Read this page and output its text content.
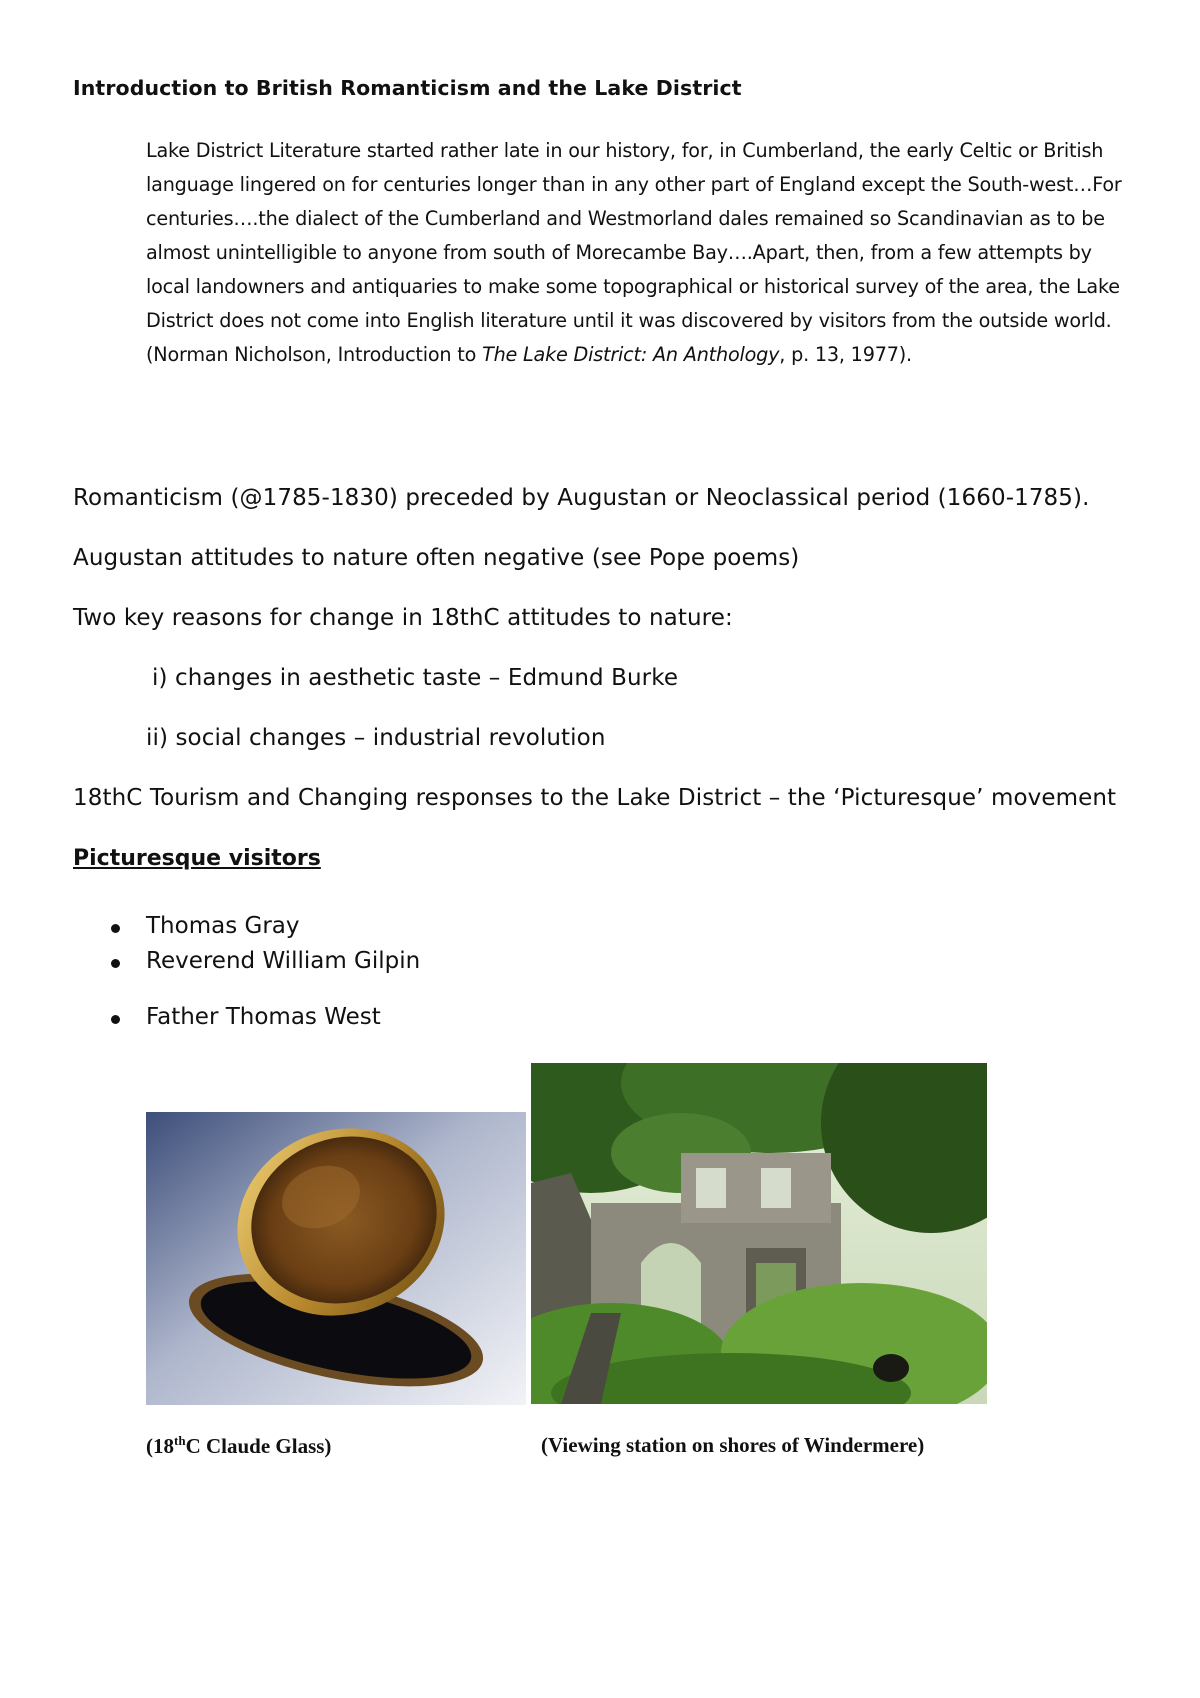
Introduction to British Romanticism and the Lake District

Lake District Literature started rather late in our history, for, in Cumberland, the early Celtic or British language lingered on for centuries longer than in any other part of England except the South-west…For centuries….the dialect of the Cumberland and Westmorland dales remained so Scandinavian as to be almost unintelligible to anyone from south of Morecambe Bay….Apart, then, from a few attempts by local landowners and antiquaries to make some topographical or historical survey of the area, the Lake District does not come into English literature until it was discovered by visitors from the outside world. (Norman Nicholson, Introduction to The Lake District: An Anthology, p. 13, 1977).

Romanticism (@1785-1830) preceded by Augustan or Neoclassical period (1660-1785).
Augustan attitudes to nature often negative (see Pope poems)
Two key reasons for change in 18thC attitudes to nature:
i) changes in aesthetic taste – Edmund Burke
ii) social changes – industrial revolution
18thC Tourism and Changing responses to the Lake District – the ‘Picturesque’ movement
Picturesque visitors
Thomas Gray
Reverend William Gilpin
Father Thomas West
(18thC Claude Glass)	(Viewing station on shores of Windermere)
